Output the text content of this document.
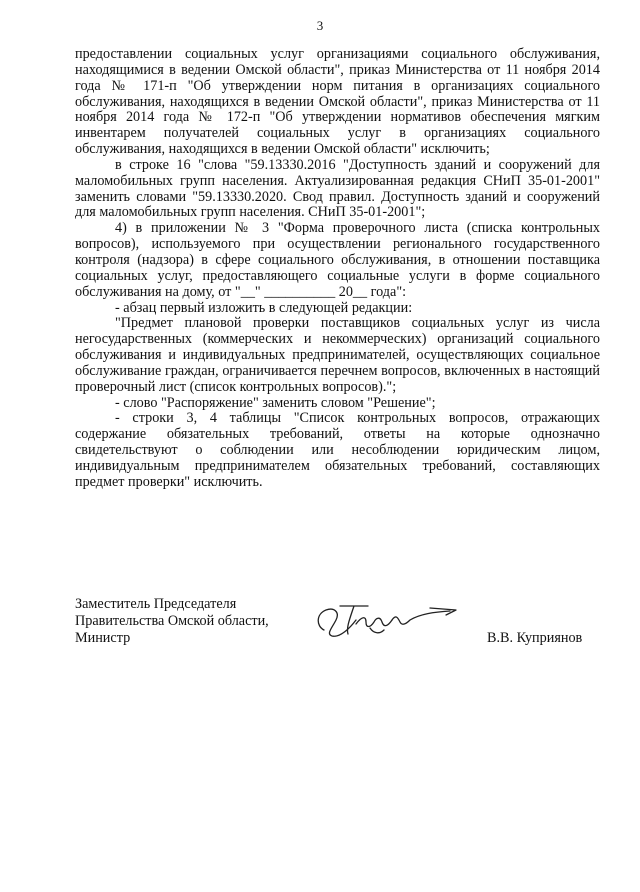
3

предоставлении социальных услуг организациями социального обслуживания, находящимися в ведении Омской области", приказ Министерства от 11 ноября 2014 года № 171-п "Об утверждении норм питания в организациях социального обслуживания, находящихся в ведении Омской области", приказ Министерства от 11 ноября 2014 года № 172-п "Об утверждении нормативов обеспечения мягким инвентарем получателей социальных услуг в организациях социального обслуживания, находящихся в ведении Омской области" исключить;

в строке 16 "слова "59.13330.2016 "Доступность зданий и сооружений для маломобильных групп населения. Актуализированная редакция СНиП 35-01-2001" заменить словами "59.13330.2020. Свод правил. Доступность зданий и сооружений для маломобильных групп населения. СНиП 35-01-2001";

4) в приложении № 3 "Форма проверочного листа (списка контрольных вопросов), используемого при осуществлении регионального государственного контроля (надзора) в сфере социального обслуживания, в отношении поставщика социальных услуг, предоставляющего социальные услуги в форме социального обслуживания на дому, от "__" __________ 20__ года":

- абзац первый изложить в следующей редакции:

"Предмет плановой проверки поставщиков социальных услуг из числа негосударственных (коммерческих и некоммерческих) организаций социального обслуживания и индивидуальных предпринимателей, осуществляющих социальное обслуживание граждан, ограничивается перечнем вопросов, включенных в настоящий проверочный лист (список контрольных вопросов).";

- слово "Распоряжение" заменить словом "Решение";

- строки 3, 4 таблицы "Список контрольных вопросов, отражающих содержание обязательных требований, ответы на которые однозначно свидетельствуют о соблюдении или несоблюдении юридическим лицом, индивидуальным предпринимателем обязательных требований, составляющих предмет проверки" исключить.

Заместитель Председателя
Правительства Омской области,
Министр	В.В. Куприянов
